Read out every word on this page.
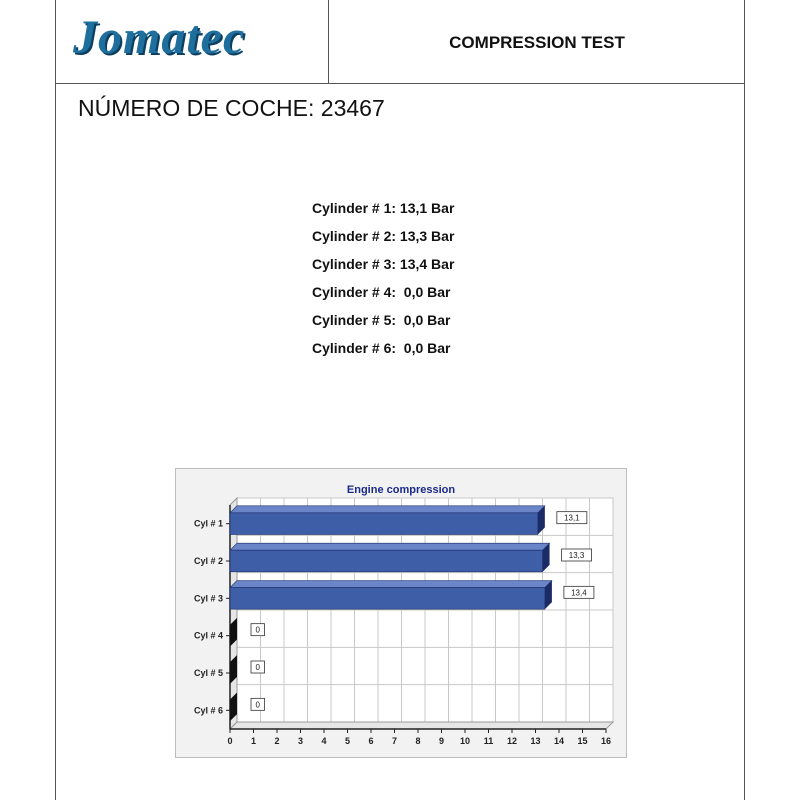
Jomatec	COMPRESSION TEST
NÚMERO DE COCHE: 23467
Cylinder # 1: 13,1 Bar
Cylinder # 2: 13,3 Bar
Cylinder # 3: 13,4 Bar
Cylinder # 4:  0,0 Bar
Cylinder # 5:  0,0 Bar
Cylinder # 6:  0,0 Bar
Engine compression
0 1 2 3 4 5 6 7 8 9 10 11 12 13 14 15 16
Cyl # 1
13,1
Cyl # 2
13,3
Cyl # 3
13,4
Cyl # 4
0
Cyl # 5
0
Cyl # 6
0
